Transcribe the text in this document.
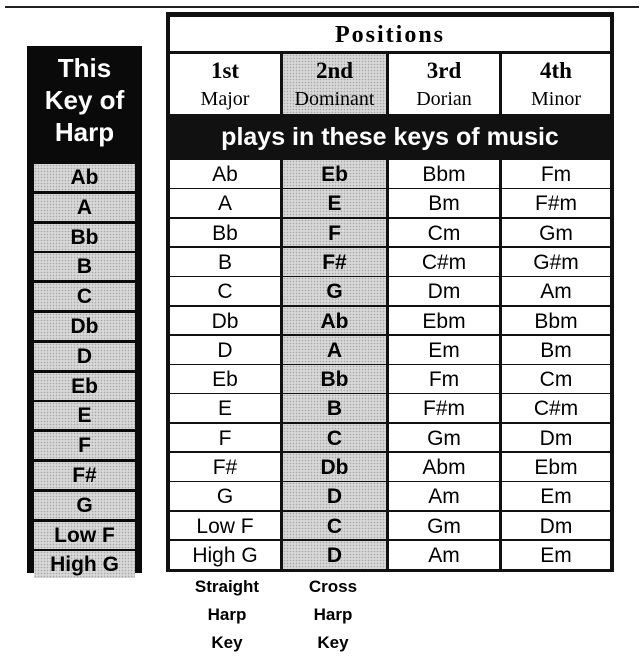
This
Key of
Harp
Ab
A
Bb
B
C
Db
D
Eb
E
F
F#
G
Low F
High G
Positions
1st
Major
2nd
Dominant
3rd
Dorian
4th
Minor
plays in these keys of music
Ab	Eb	Bbm	Fm
A	E	Bm	F#m
Bb	F	Cm	Gm
B	F#	C#m	G#m
C	G	Dm	Am
Db	Ab	Ebm	Bbm
D	A	Em	Bm
Eb	Bb	Fm	Cm
E	B	F#m	C#m
F	C	Gm	Dm
F#	Db	Abm	Ebm
G	D	Am	Em
Low F	C	Gm	Dm
High G	D	Am	Em
Straight
Harp
Key
Cross
Harp
Key
